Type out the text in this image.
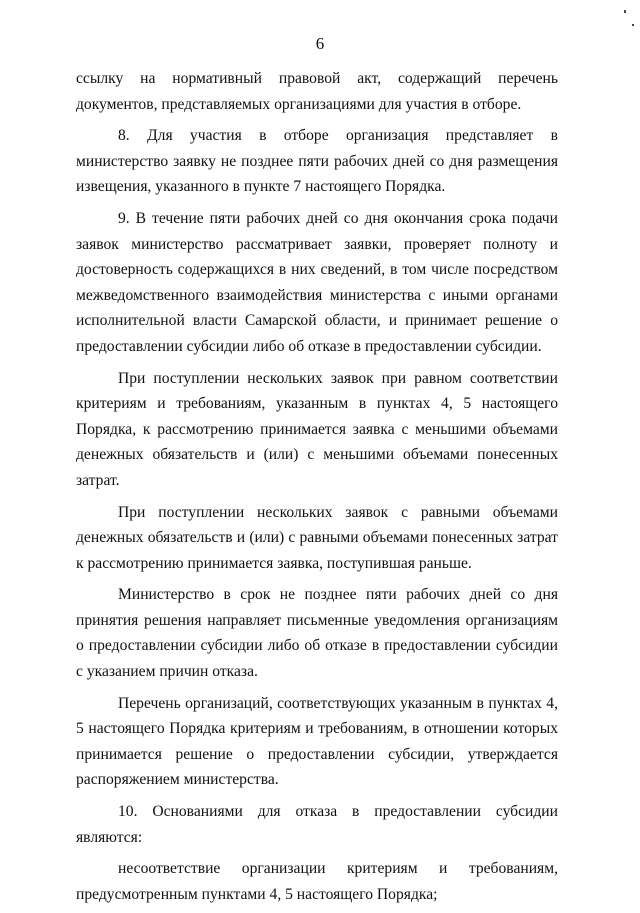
6

ссылку на нормативный правовой акт, содержащий перечень документов, представляемых организациями для участия в отборе.

8. Для участия в отборе организация представляет в министерство заявку не позднее пяти рабочих дней со дня размещения извещения, указанного в пункте 7 настоящего Порядка.

9. В течение пяти рабочих дней со дня окончания срока подачи заявок министерство рассматривает заявки, проверяет полноту и достоверность содержащихся в них сведений, в том числе посредством межведомственного взаимодействия министерства с иными органами исполнительной власти Самарской области, и принимает решение о предоставлении субсидии либо об отказе в предоставлении субсидии.

При поступлении нескольких заявок при равном соответствии критериям и требованиям, указанным в пунктах 4, 5 настоящего Порядка, к рассмотрению принимается заявка с меньшими объемами денежных обязательств и (или) с меньшими объемами понесенных затрат.

При поступлении нескольких заявок с равными объемами денежных обязательств и (или) с равными объемами понесенных затрат к рассмотрению принимается заявка, поступившая раньше.

Министерство в срок не позднее пяти рабочих дней со дня принятия решения направляет письменные уведомления организациям о предоставлении субсидии либо об отказе в предоставлении субсидии с указанием причин отказа.

Перечень организаций, соответствующих указанным в пунктах 4, 5 настоящего Порядка критериям и требованиям, в отношении которых принимается решение о предоставлении субсидии, утверждается распоряжением министерства.

10. Основаниями для отказа в предоставлении субсидии являются:

несоответствие организации критериям и требованиям, предусмотренным пунктами 4, 5 настоящего Порядка;
